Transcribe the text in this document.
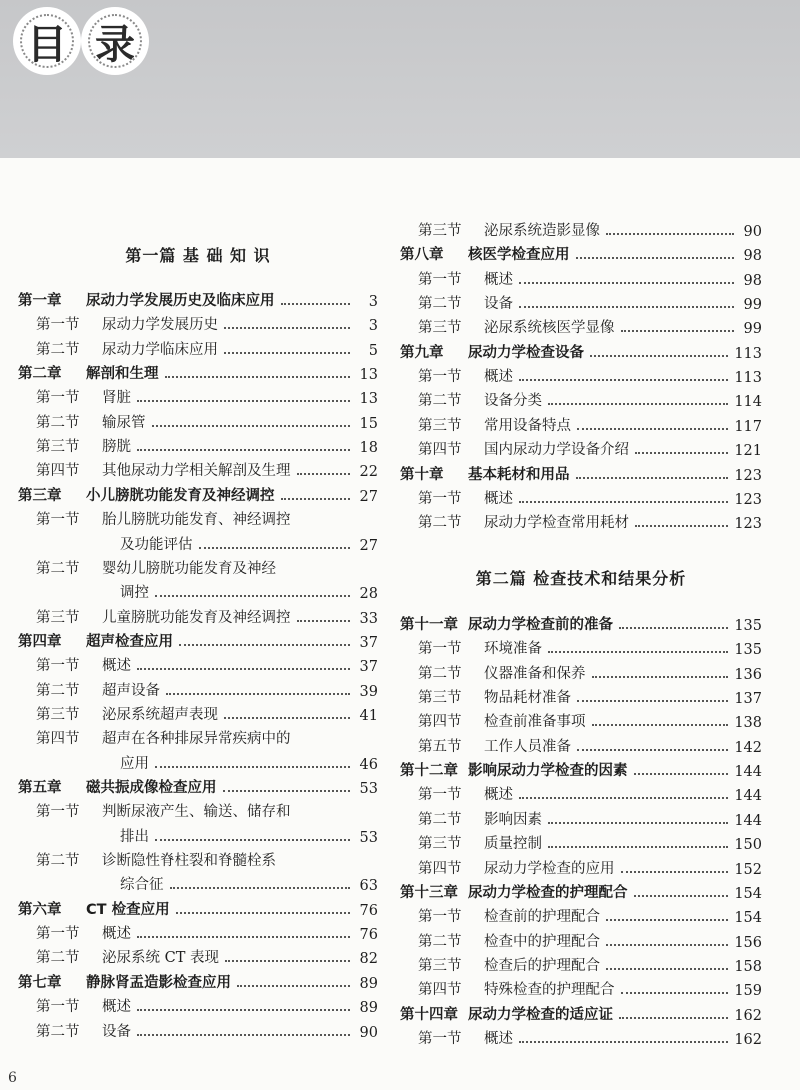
目 录
第一篇 基 础 知 识
第一章	尿动力学发展历史及临床应用	3
第一节	尿动力学发展历史	3
第二节	尿动力学临床应用	5
第二章	解剖和生理	13
第一节	肾脏	13
第二节	输尿管	15
第三节	膀胱	18
第四节	其他尿动力学相关解剖及生理	22
第三章	小儿膀胱功能发育及神经调控	27
第一节	胎儿膀胱功能发育、神经调控
及功能评估	27
第二节	婴幼儿膀胱功能发育及神经
调控	28
第三节	儿童膀胱功能发育及神经调控	33
第四章	超声检查应用	37
第一节	概述	37
第二节	超声设备	39
第三节	泌尿系统超声表现	41
第四节	超声在各种排尿异常疾病中的
应用	46
第五章	磁共振成像检查应用	53
第一节	判断尿液产生、输送、储存和
排出	53
第二节	诊断隐性脊柱裂和脊髓栓系
综合征	63
第六章	CT 检查应用	76
第一节	概述	76
第二节	泌尿系统 CT 表现	82
第七章	静脉肾盂造影检查应用	89
第一节	概述	89
第二节	设备	90
第二篇 检查技术和结果分析
第三节	泌尿系统造影显像	90
第八章	核医学检查应用	98
第一节	概述	98
第二节	设备	99
第三节	泌尿系统核医学显像	99
第九章	尿动力学检查设备	113
第一节	概述	113
第二节	设备分类	114
第三节	常用设备特点	117
第四节	国内尿动力学设备介绍	121
第十章	基本耗材和用品	123
第一节	概述	123
第二节	尿动力学检查常用耗材	123
第十一章 尿动力学检查前的准备	135
第一节	环境准备	135
第二节	仪器准备和保养	136
第三节	物品耗材准备	137
第四节	检查前准备事项	138
第五节	工作人员准备	142
第十二章 影响尿动力学检查的因素	144
第一节	概述	144
第二节	影响因素	144
第三节	质量控制	150
第四节	尿动力学检查的应用	152
第十三章 尿动力学检查的护理配合	154
第一节	检查前的护理配合	154
第二节	检查中的护理配合	156
第三节	检查后的护理配合	158
第四节	特殊检查的护理配合	159
第十四章 尿动力学检查的适应证	162
第一节	概述	162
6
